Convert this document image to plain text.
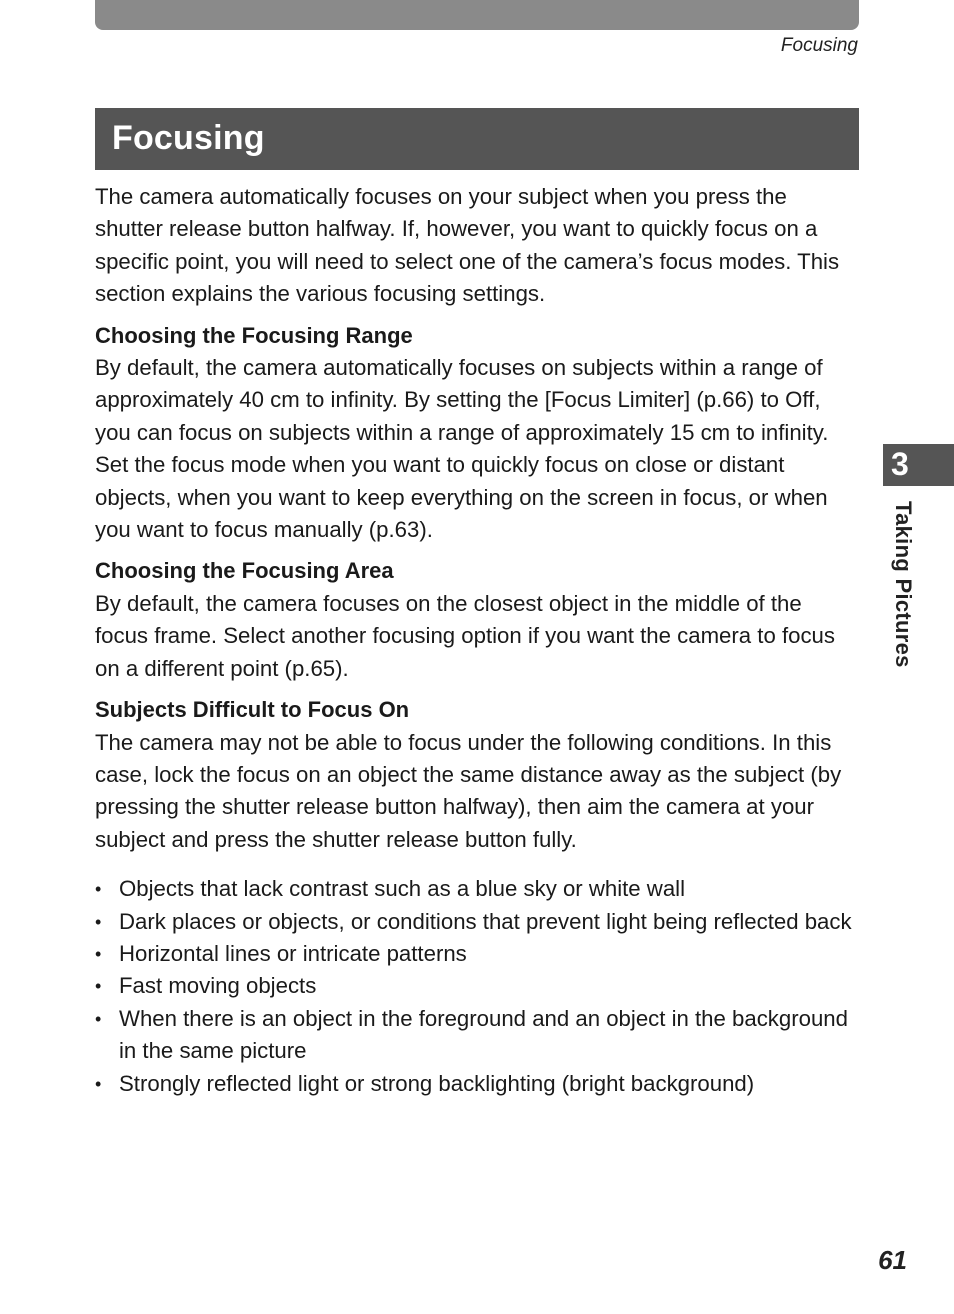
Focusing
Focusing

The camera automatically focuses on your subject when you press the shutter release button halfway. If, however, you want to quickly focus on a specific point, you will need to select one of the camera’s focus modes. This section explains the various focusing settings.

Choosing the Focusing Range

By default, the camera automatically focuses on subjects within a range of approximately 40 cm to infinity. By setting the [Focus Limiter] (p.66) to Off, you can focus on subjects within a range of approximately 15 cm to infinity.

Set the focus mode when you want to quickly focus on close or distant objects, when you want to keep everything on the screen in focus, or when you want to focus manually (p.63).

Choosing the Focusing Area

By default, the camera focuses on the closest object in the middle of the focus frame. Select another focusing option if you want the camera to focus on a different point (p.65).

Subjects Difficult to Focus On

The camera may not be able to focus under the following conditions. In this case, lock the focus on an object the same distance away as the subject (by pressing the shutter release button halfway), then aim the camera at your subject and press the shutter release button fully.

• Objects that lack contrast such as a blue sky or white wall
• Dark places or objects, or conditions that prevent light being reflected back
• Horizontal lines or intricate patterns
• Fast moving objects
• When there is an object in the foreground and an object in the background in the same picture
• Strongly reflected light or strong backlighting (bright background)
3
Taking Pictures
61
